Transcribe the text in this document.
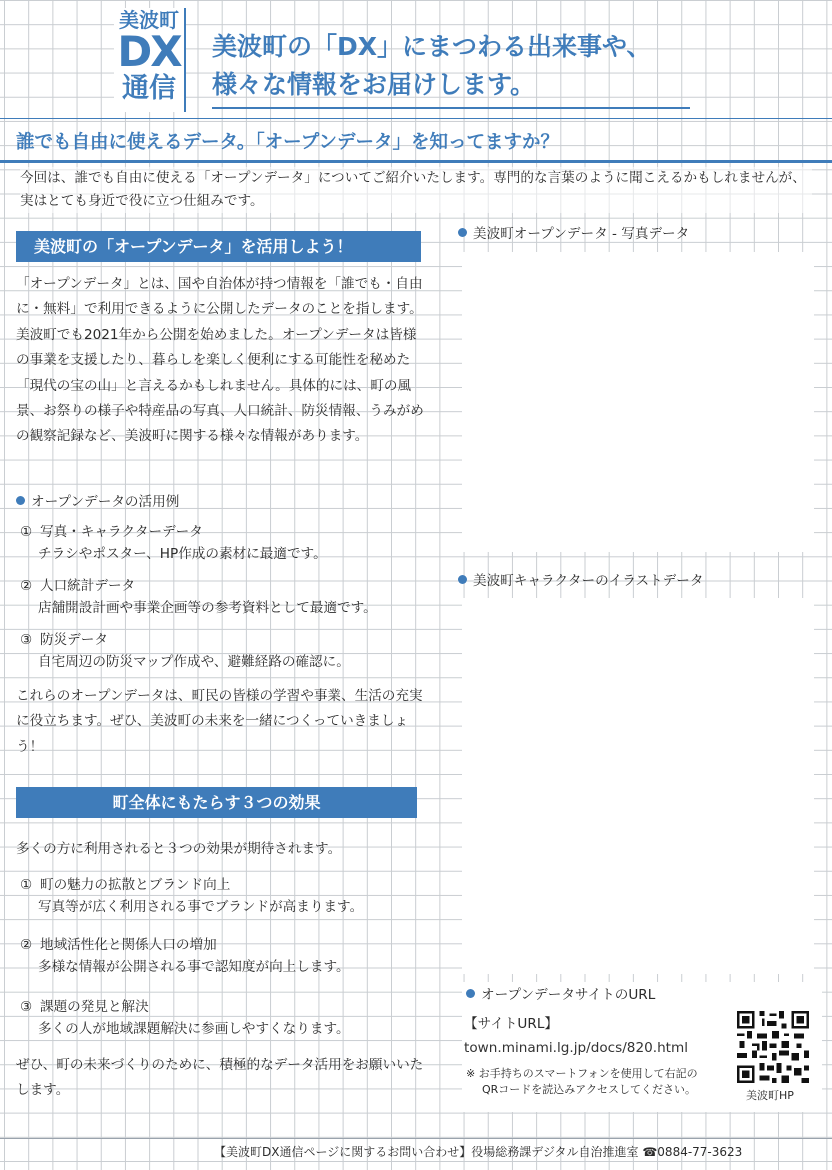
美波町
DX
通信
美波町の「DX」にまつわる出来事や、
様々な情報をお届けします。
誰でも自由に使えるデータ。「オープンデータ」を知ってますか？
今回は、誰でも自由に使える「オープンデータ」についてご紹介いたします。専門的な言葉のように聞こえるかもしれませんが、実はとても身近で役に立つ仕組みです。
美波町の「オープンデータ」を活用しよう！
「オープンデータ」とは、国や自治体が持つ情報を「誰でも・自由に・無料」で利用できるように公開したデータのことを指します。美波町でも2021年から公開を始めました。オープンデータは皆様の事業を支援したり、暮らしを楽しく便利にする可能性を秘めた「現代の宝の山」と言えるかもしれません。具体的には、町の風景、お祭りの様子や特産品の写真、人口統計、防災情報、うみがめの観察記録など、美波町に関する様々な情報があります。
オープンデータの活用例
① 写真・キャラクターデータ
チラシやポスター、HP作成の素材に最適です。
② 人口統計データ
店舗開設計画や事業企画等の参考資料として最適です。
③ 防災データ
自宅周辺の防災マップ作成や、避難経路の確認に。
これらのオープンデータは、町民の皆様の学習や事業、生活の充実に役立ちます。ぜひ、美波町の未来を一緒につくっていきましょう！
町全体にもたらす３つの効果
多くの方に利用されると３つの効果が期待されます。
① 町の魅力の拡散とブランド向上
写真等が広く利用される事でブランドが高まります。
② 地域活性化と関係人口の増加
多様な情報が公開される事で認知度が向上します。
③ 課題の発見と解決
多くの人が地域課題解決に参画しやすくなります。
ぜひ、町の未来づくりのために、積極的なデータ活用をお願いいたします。
美波町オープンデータ - 写真データ
美波町キャラクターのイラストデータ
オープンデータサイトのURL
【サイトURL】
town.minami.lg.jp/docs/820.html
※ お手持ちのスマートフォンを使用して右記の
QRコードを読込みアクセスしてください。	美波町HP
【美波町DX通信ページに関するお問い合わせ】役場総務課デジタル自治推進室 ☎0884-77-3623
